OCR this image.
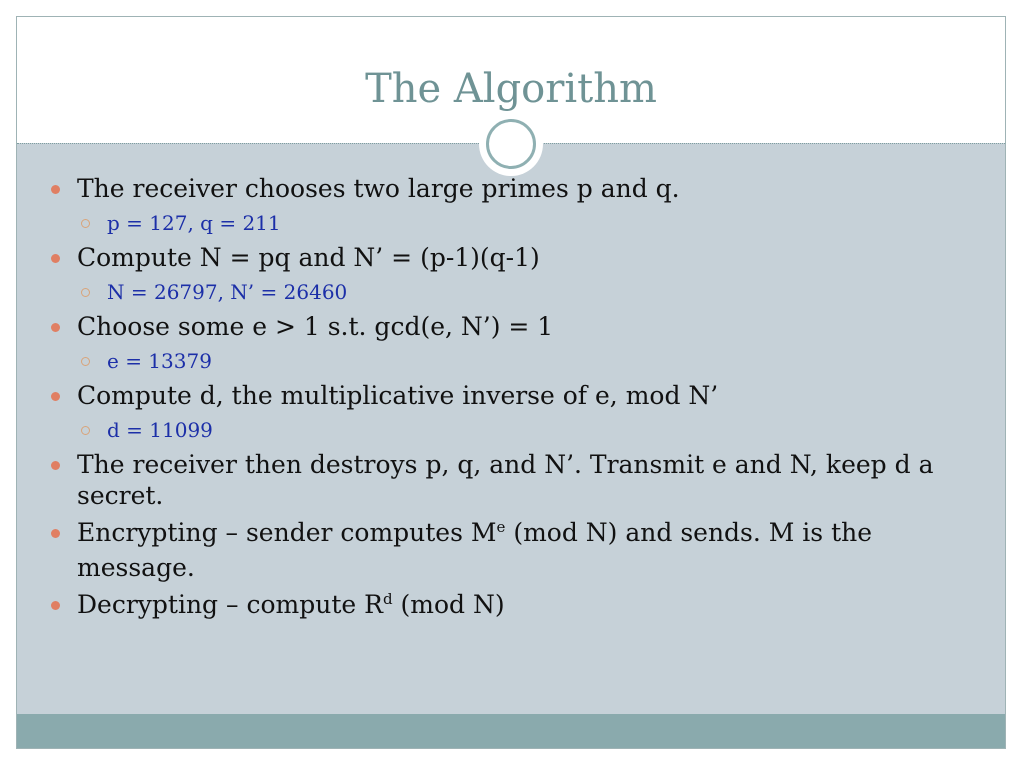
The Algorithm
The receiver chooses two large primes p and q.
p = 127, q = 211
Compute N = pq and N’ = (p-1)(q-1)
N = 26797, N’ = 26460
Choose some e > 1 s.t. gcd(e, N’) = 1
e = 13379
Compute d, the multiplicative inverse of e, mod N’
d = 11099
The receiver then destroys p, q, and N’. Transmit e and N, keep d a secret.
Encrypting – sender computes Me (mod N) and sends. M is the message.
Decrypting – compute $R^d$ (mod N)
